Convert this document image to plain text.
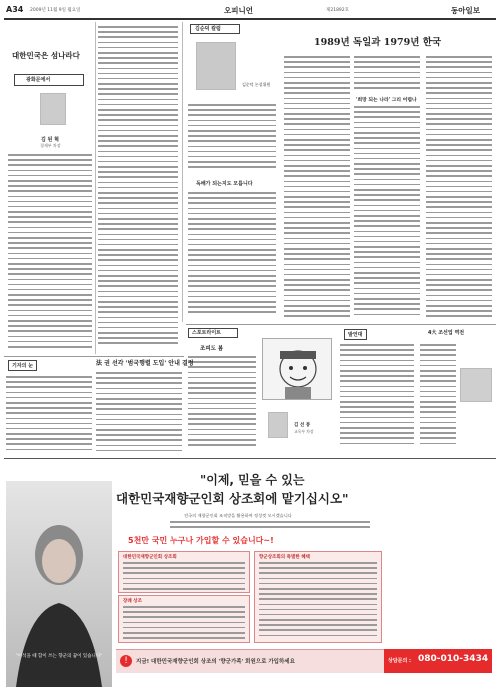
A34 2009년 11월 9일 월요일	오피니언	제21892호	동아일보
대한민국은 섬나라다
광화문에서
김 된 혁
경제부 차장
김순덕 칼럼
김순덕 논설위원
독배가 되는지도 모릅니다
1989년 독일과 1979년 한국
'희망 되는 나라' 그리 어렵나
스포트라이트
조피도 봄
김 선 봉
교육부 차장
발언대	4大 조선업 역전
기자의 눈	法 권 선각 '범국행렬 도입' 안내 결정
"이석을 때 함이 쓰는 향군의 꿈이 있습니다"
"이제, 믿을 수 있는
대한민국재향군인회 상조회에 맡기십시오"
전국의 재향군인회 조직망을 활용하여 정성껏 모시겠습니다
5천만 국민 누구나 가입할 수 있습니다~!
대한민국재향군인회 상조회
장례 상조
향군상조회의 특별한 혜택
!	지금! 대한민국재향군인회 상조의 '향군가족' 회원으로 가입하세요	상담문의 : 080-010-3434
